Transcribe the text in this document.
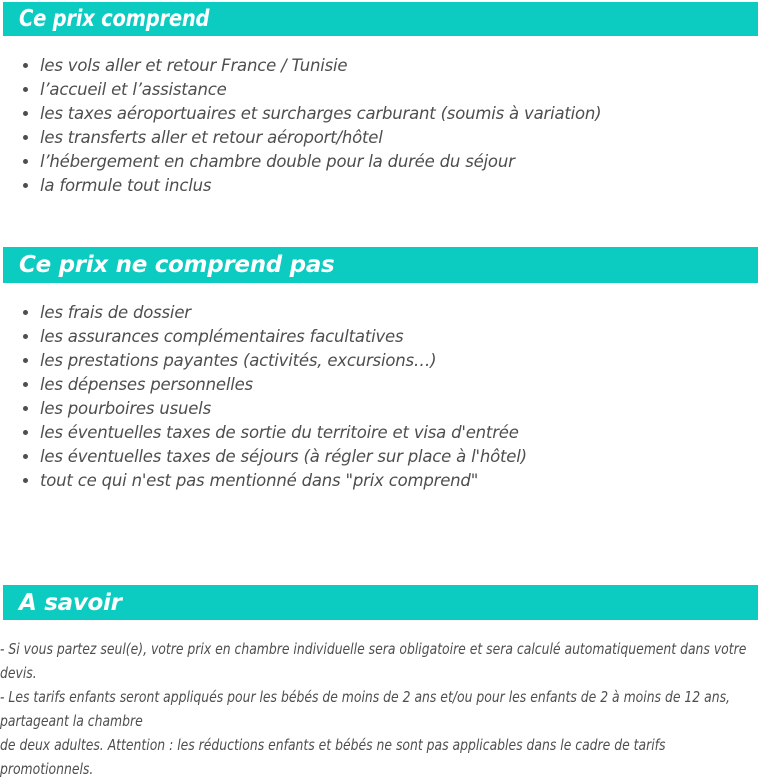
Ce prix comprend
• les vols aller et retour France / Tunisie
• l’accueil et l’assistance
• les taxes aéroportuaires et surcharges carburant (soumis à variation)
• les transferts aller et retour aéroport/hôtel
• l’hébergement en chambre double pour la durée du séjour
• la formule tout inclus
Ce prix ne comprend pas
• les frais de dossier
• les assurances complémentaires facultatives
• les prestations payantes (activités, excursions…)
• les dépenses personnelles
• les pourboires usuels
• les éventuelles taxes de sortie du territoire et visa d'entrée
• les éventuelles taxes de séjours (à régler sur place à l'hôtel)
• tout ce qui n'est pas mentionné dans "prix comprend"
A savoir
- Si vous partez seul(e), votre prix en chambre individuelle sera obligatoire et sera calculé automatiquement dans votre devis.
- Les tarifs enfants seront appliqués pour les bébés de moins de 2 ans et/ou pour les enfants de 2 à moins de 12 ans, partageant la chambre
de deux adultes. Attention : les réductions enfants et bébés ne sont pas applicables dans le cadre de tarifs promotionnels.
